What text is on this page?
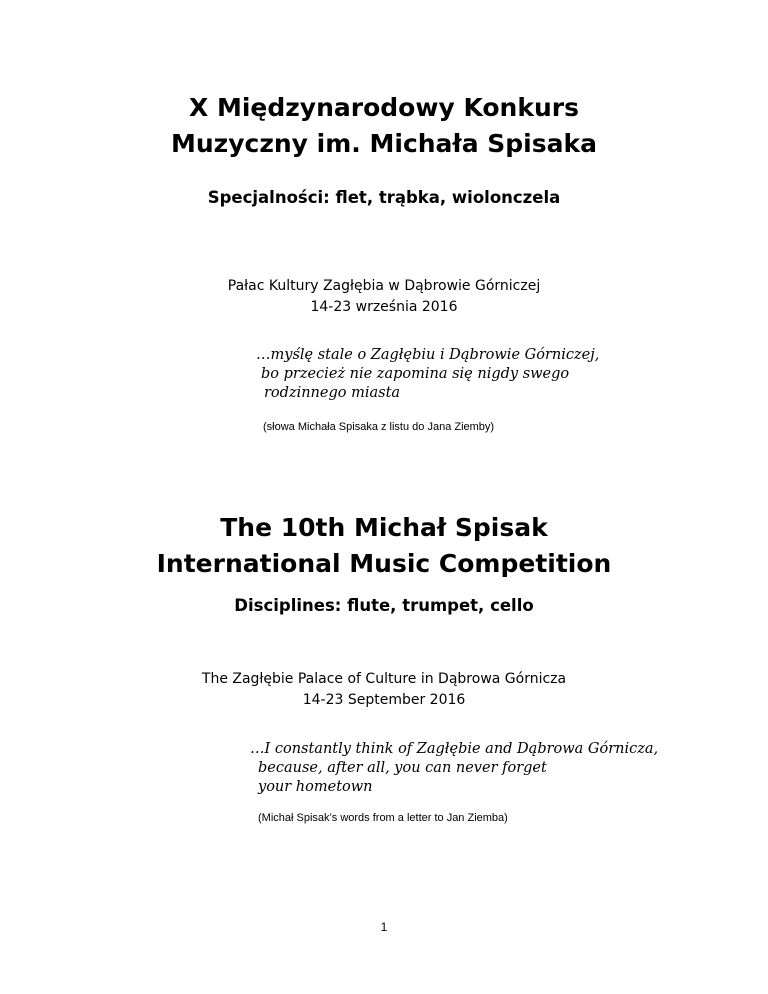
X Międzynarodowy Konkurs
Muzyczny im. Michała Spisaka
Specjalności: flet, trąbka, wiolonczela
Pałac Kultury Zagłębia w Dąbrowie Górniczej
14-23 września 2016
…myślę stale o Zagłębiu i Dąbrowie Górniczej,
bo przecież nie zapomina się nigdy swego
rodzinnego miasta
(słowa Michała Spisaka z listu do Jana Ziemby)
The 10th Michał Spisak
International Music Competition
Disciplines: flute, trumpet, cello
The Zagłębie Palace of Culture in Dąbrowa Górnicza
14-23 September 2016
…I constantly think of Zagłębie and Dąbrowa Górnicza,
because, after all, you can never forget
your hometown
(Michał Spisak’s words from a letter to Jan Ziemba)
1
